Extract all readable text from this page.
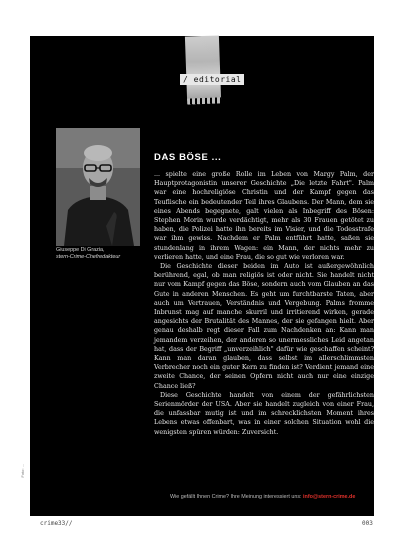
/ editorial
Giuseppe Di Grazia,
stern-Crime-Chefredakteur
DAS BÖSE ...

... spielte eine große Rolle im Leben von Margy Palm, der Hauptprotagonistin unserer Geschichte „Die letzte Fahrt". Palm war eine hochreligiöse Christin und der Kampf gegen das Teuflische ein bedeutender Teil ihres Glaubens. Der Mann, dem sie eines Abends begegnete, galt vielen als Inbegriff des Bösen: Stephen Morin wurde verdächtigt, mehr als 30 Frauen getötet zu haben, die Polizei hatte ihn bereits im Visier, und die Todesstrafe war ihm gewiss. Nachdem er Palm entführt hatte, saßen sie stundenlang in ihrem Wagen: ein Mann, der nichts mehr zu verlieren hatte, und eine Frau, die so gut wie verloren war.

Die Geschichte dieser beiden im Auto ist außergewöhnlich berührend, egal, ob man religiös ist oder nicht. Sie handelt nicht nur vom Kampf gegen das Böse, sondern auch vom Glauben an das Gute in anderen Menschen. Es geht um furchtbarste Taten, aber auch um Vertrauen, Verständnis und Vergebung. Palms fromme Inbrunst mag auf manche skurril und irritierend wirken, gerade angesichts der Brutalität des Mannes, der sie gefangen hielt. Aber genau deshalb regt dieser Fall zum Nachdenken an: Kann man jemandem verzeihen, der anderen so unermessliches Leid angetan hat, dass der Begriff „unverzeihlich" dafür wie geschaffen scheint? Kann man daran glauben, dass selbst im allerschlimmsten Verbrecher noch ein guter Kern zu finden ist? Verdient jemand eine zweite Chance, der seinen Opfern nicht auch nur eine einzige Chance ließ?

Diese Geschichte handelt von einem der gefährlichsten Serienmörder der USA. Aber sie handelt zugleich von einer Frau, die unfassbar mutig ist und im schrecklichsten Moment ihres Lebens etwas offenbart, was in einer solchen Situation wohl die wenigsten spüren würden: Zuversicht.

Foto: ...
Wie gefällt Ihnen Crime? Ihre Meinung interessiert uns: info@stern-crime.de
crime33//	003
